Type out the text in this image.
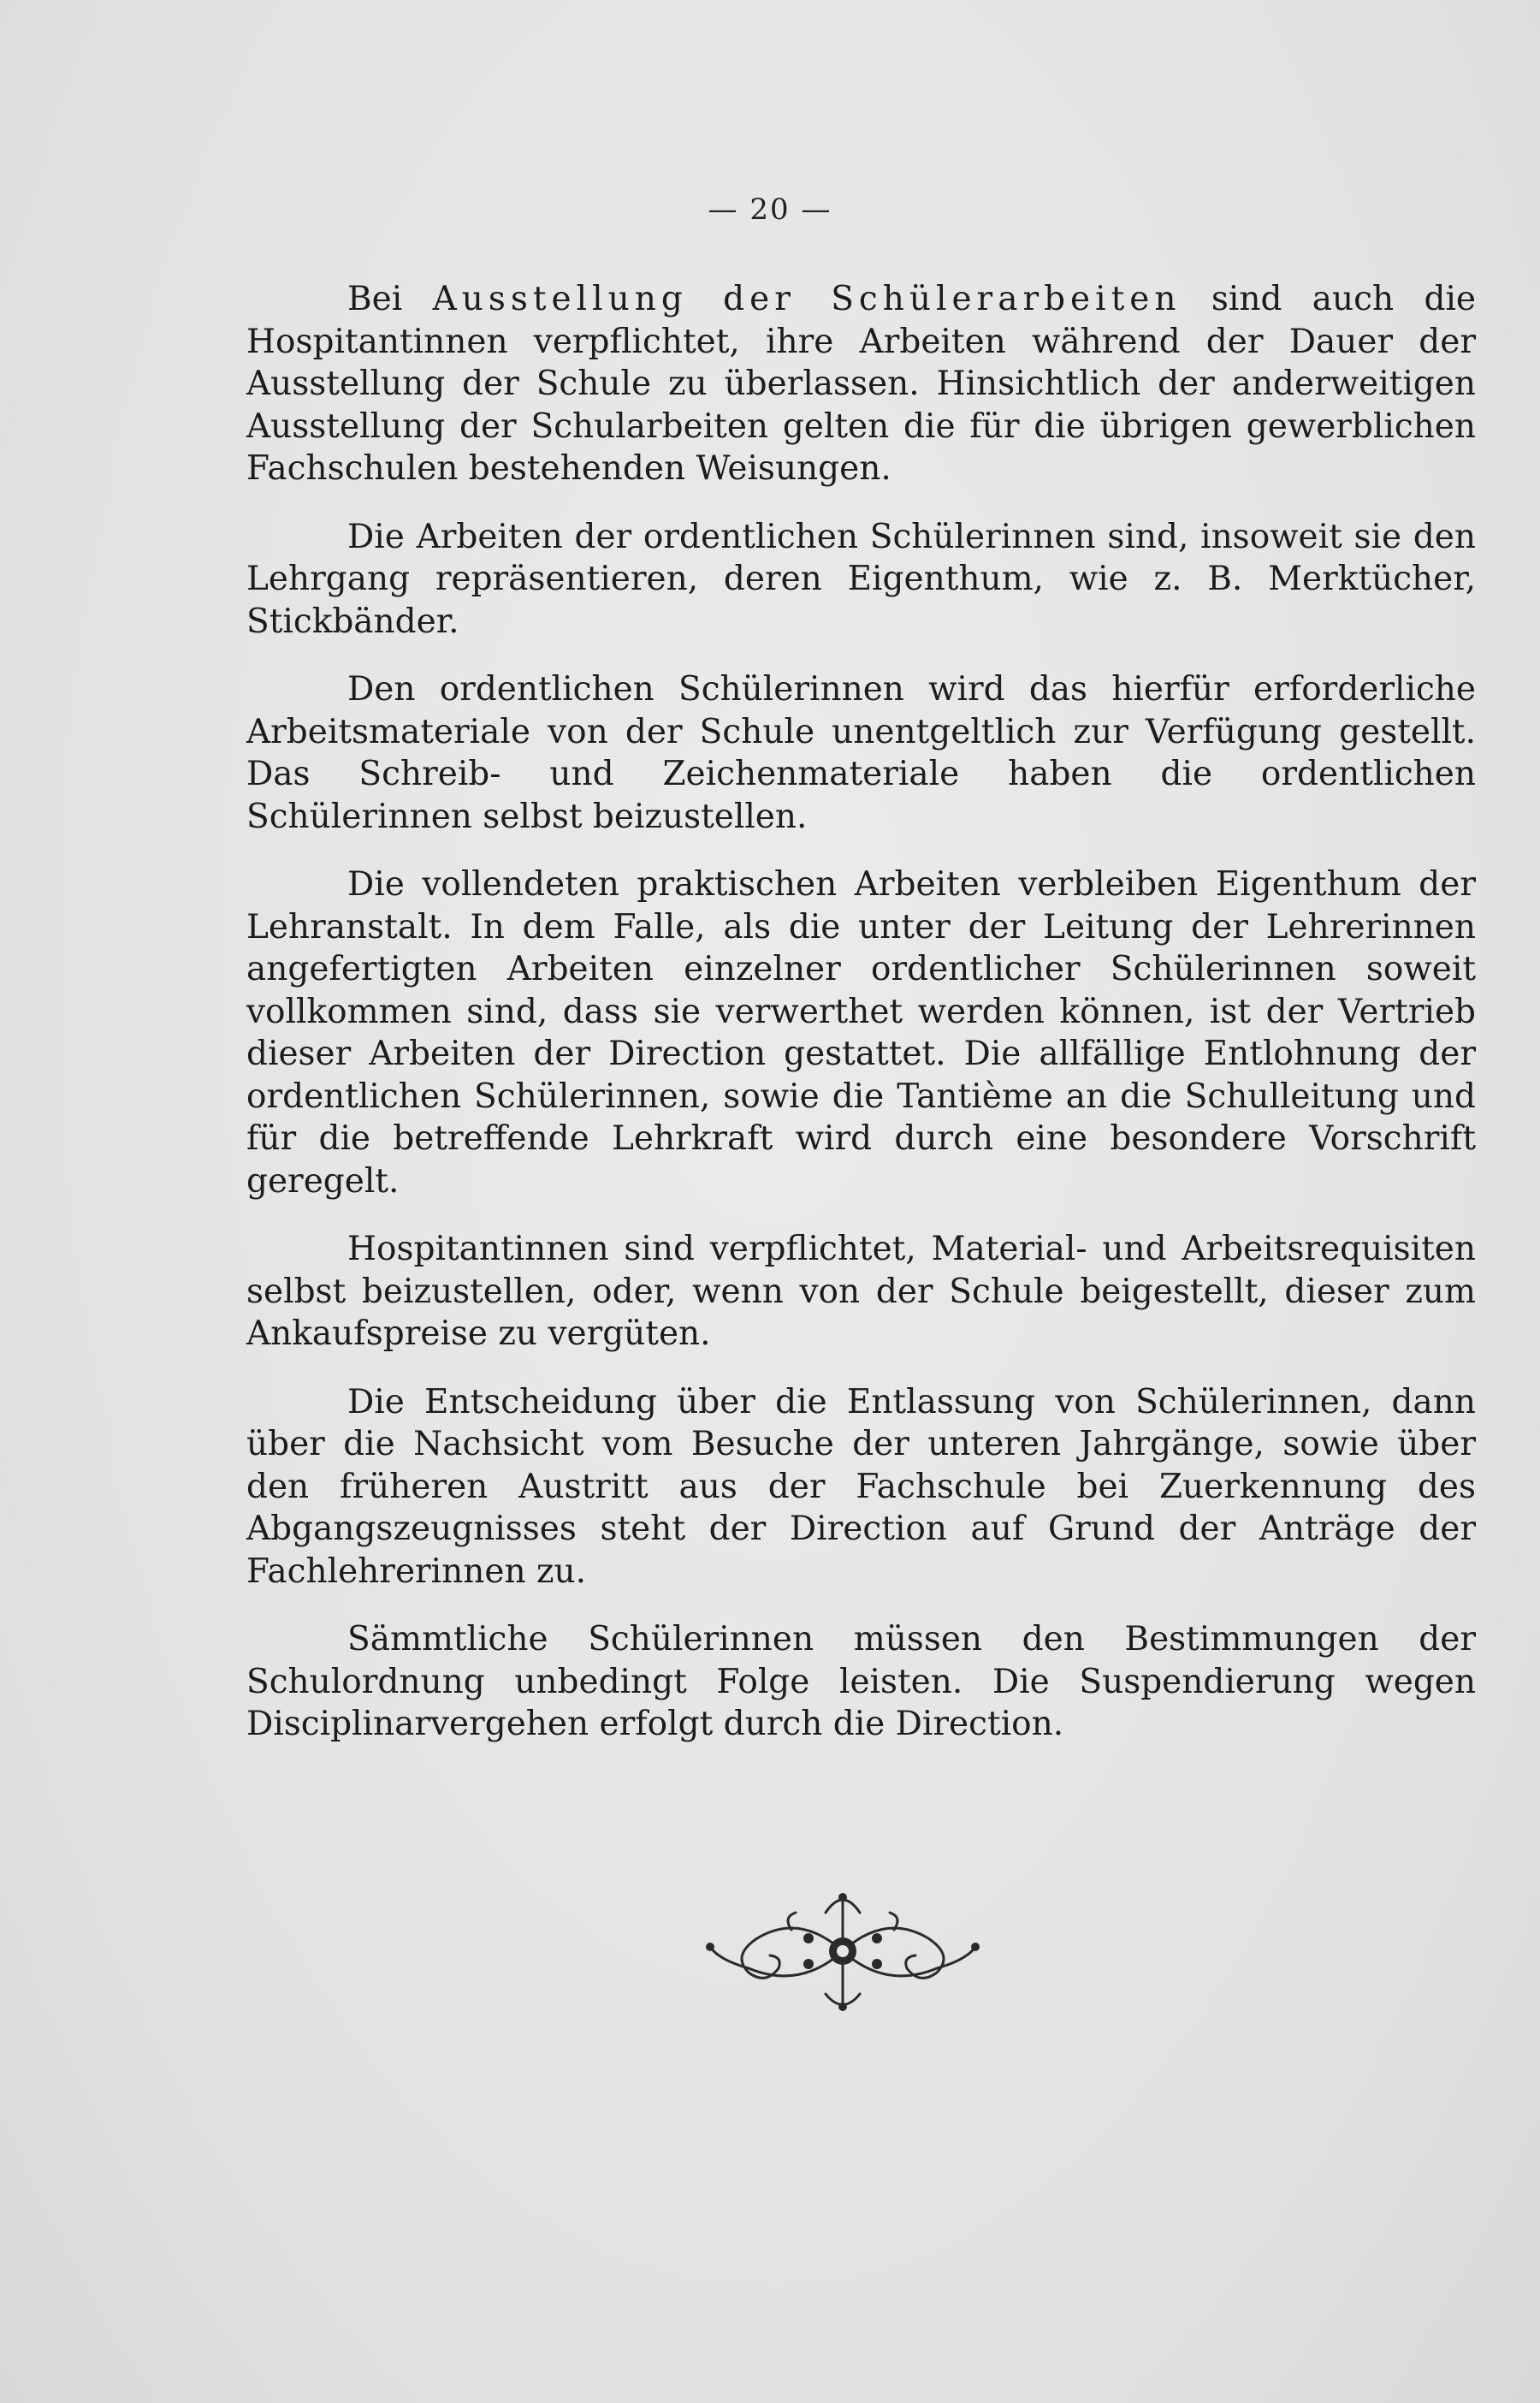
— 20 —

Bei Ausstellung der Schülerarbeiten sind auch die Hospitantinnen verpflichtet, ihre Arbeiten während der Dauer der Ausstellung der Schule zu überlassen. Hinsichtlich der anderweitigen Ausstellung der Schularbeiten gelten die für die übrigen gewerblichen Fachschulen bestehenden Weisungen.

Die Arbeiten der ordentlichen Schülerinnen sind, insoweit sie den Lehrgang repräsentieren, deren Eigenthum, wie z. B. Merktücher, Stickbänder.

Den ordentlichen Schülerinnen wird das hierfür erforderliche Arbeitsmateriale von der Schule unentgeltlich zur Verfügung gestellt. Das Schreib- und Zeichenmateriale haben die ordentlichen Schülerinnen selbst beizustellen.

Die vollendeten praktischen Arbeiten verbleiben Eigenthum der Lehranstalt. In dem Falle, als die unter der Leitung der Lehrerinnen angefertigten Arbeiten einzelner ordentlicher Schülerinnen soweit vollkommen sind, dass sie verwerthet werden können, ist der Vertrieb dieser Arbeiten der Direction gestattet. Die allfällige Entlohnung der ordentlichen Schülerinnen, sowie die Tantième an die Schulleitung und für die betreffende Lehrkraft wird durch eine besondere Vorschrift geregelt.

Hospitantinnen sind verpflichtet, Material- und Arbeitsrequisiten selbst beizustellen, oder, wenn von der Schule beigestellt, dieser zum Ankaufspreise zu vergüten.

Die Entscheidung über die Entlassung von Schülerinnen, dann über die Nachsicht vom Besuche der unteren Jahrgänge, sowie über den früheren Austritt aus der Fachschule bei Zuerkennung des Abgangszeugnisses steht der Direction auf Grund der Anträge der Fachlehrerinnen zu.

Sämmtliche Schülerinnen müssen den Bestimmungen der Schulordnung unbedingt Folge leisten. Die Suspendierung wegen Disciplinarvergehen erfolgt durch die Direction.
